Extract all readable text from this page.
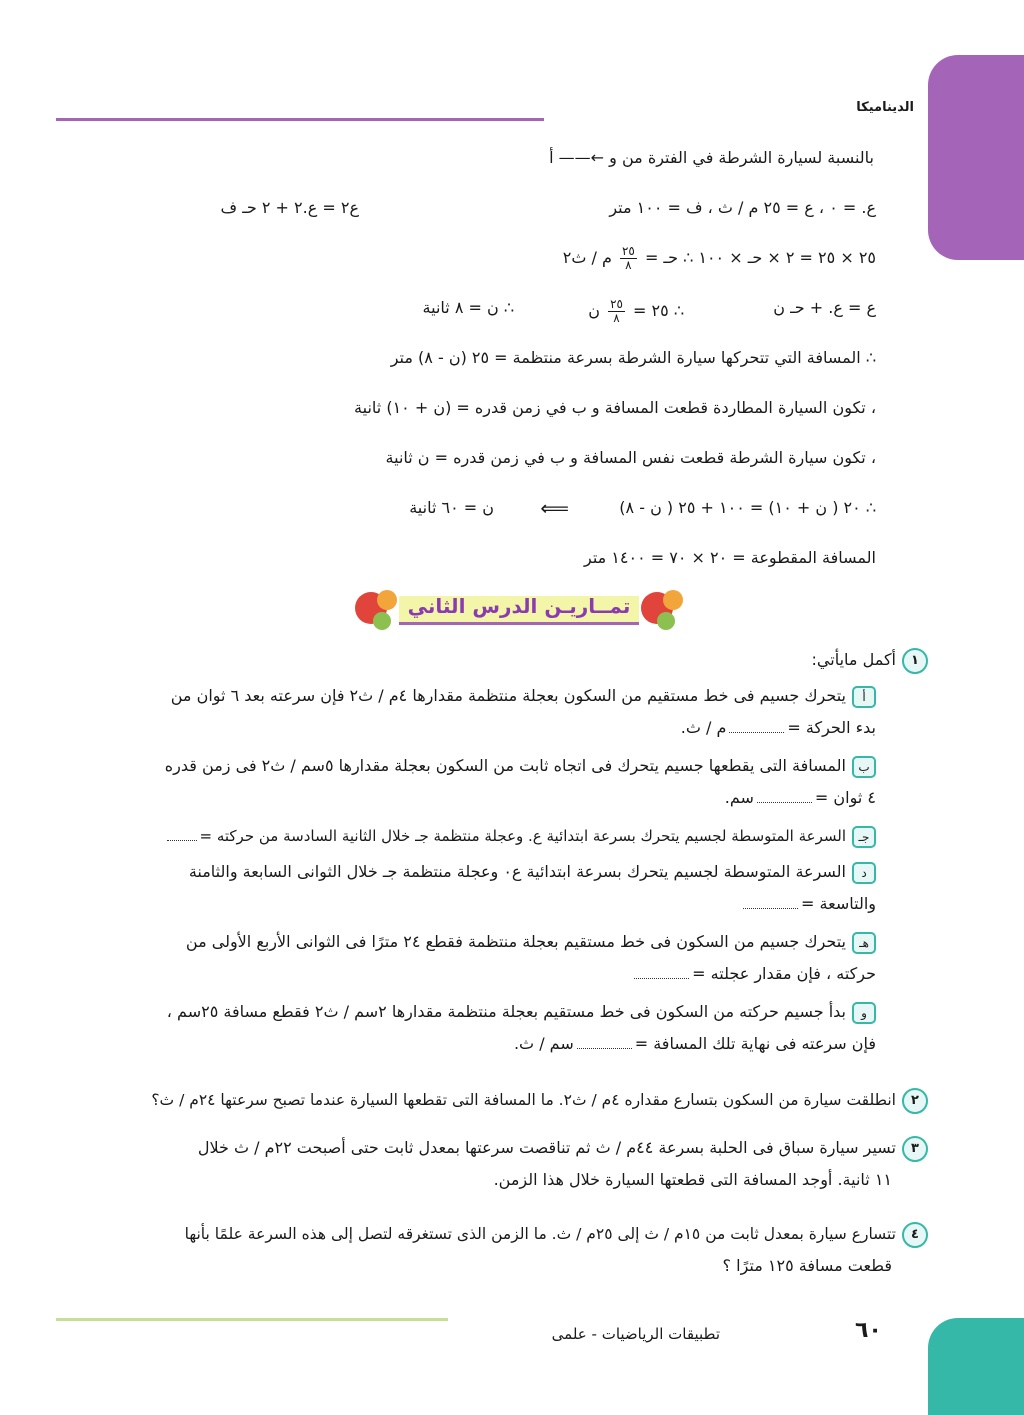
الديناميكا
بالنسبة لسيارة الشرطة في الفترة من و ←—— أ
ع. = ٠ ، ع = ٢٥ م / ث ، ف = ١٠٠ متر
ع٢ = ع.٢ + ٢ حـ ف
٢٥ × ٢٥ = ٢ × حـ × ١٠٠ ∴ حـ =
$\frac{٢٥}{٨}$
م / ث٢
ع = ع. + حـ ن
∴ ٢٥ =
$\frac{٢٥}{٨}$
ن
∴ ن = ٨ ثانية
∴ المسافة التي تتحركها سيارة الشرطة بسرعة منتظمة = ٢٥ (ن - ٨) متر
، تكون السيارة المطاردة قطعت المسافة و ب في زمن قدره = (ن + ١٠) ثانية
، تكون سيارة الشرطة قطعت نفس المسافة و ب في زمن قدره = ن ثانية
∴ ٢٠ ( ن + ١٠) = ١٠٠ + ٢٥ ( ن - ٨)
⟸
ن = ٦٠ ثانية
المسافة المقطوعة = ٢٠ × ٧٠ = ١٤٠٠ متر
تمــاريـن الدرس الثاني
١أكمل مايأتي:
أيتحرك جسيم فى خط مستقيم من السكون بعجلة منتظمة مقدارها ٤م / ث٢ فإن سرعته بعد ٦ ثوان من
بدء الحركة =م / ث.
بالمسافة التى يقطعها جسيم يتحرك فى اتجاه ثابت من السكون بعجلة مقدارها ٥سم / ث٢ فى زمن قدره
٤ ثوان =سم.
جـالسرعة المتوسطة لجسيم يتحرك بسرعة ابتدائية ع. وعجلة منتظمة جـ خلال الثانية السادسة من حركته =
دالسرعة المتوسطة لجسيم يتحرك بسرعة ابتدائية ع٠ وعجلة منتظمة جـ خلال الثوانى السابعة والثامنة
والتاسعة =
هـيتحرك جسيم من السكون فى خط مستقيم بعجلة منتظمة فقطع ٢٤ مترًا فى الثوانى الأربع الأولى من
حركته ، فإن مقدار عجلته =
وبدأ جسيم حركته من السكون فى خط مستقيم بعجلة منتظمة مقدارها ٢سم / ث٢ فقطع مسافة ٢٥سم ،
فإن سرعته فى نهاية تلك المسافة =سم / ث.
٢انطلقت سيارة من السكون بتسارع مقداره ٤م / ث٢. ما المسافة التى تقطعها السيارة عندما تصبح سرعتها ٢٤م / ث؟
٣تسير سيارة سباق فى الحلبة بسرعة ٤٤م / ث ثم تناقصت سرعتها بمعدل ثابت حتى أصبحت ٢٢م / ث خلال
١١ ثانية. أوجد المسافة التى قطعتها السيارة خلال هذا الزمن.
٤تتسارع سيارة بمعدل ثابت من ١٥م / ث إلى ٢٥م / ث. ما الزمن الذى تستغرقه لتصل إلى هذه السرعة علمًا بأنها
قطعت مسافة ١٢٥ مترًا ؟
تطبيقات الرياضيات - علمى	٦٠
